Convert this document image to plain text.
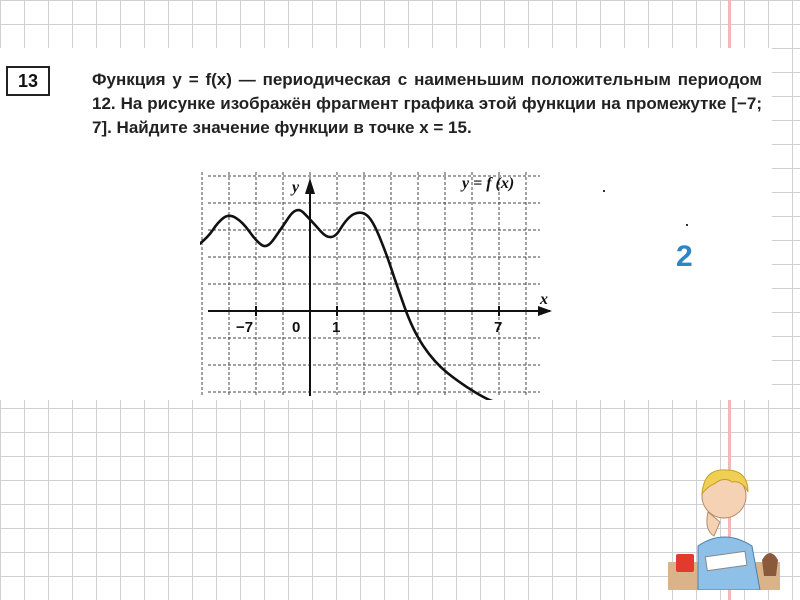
13	Функция y = f(x) — периодическая с наименьшим положительным периодом 12. На рисунке изображён фрагмент графика этой функции на промежутке [−7; 7]. Найдите значение функции в точке x = 15.
y
x
y = f (x)
−7	0 1	7
2
